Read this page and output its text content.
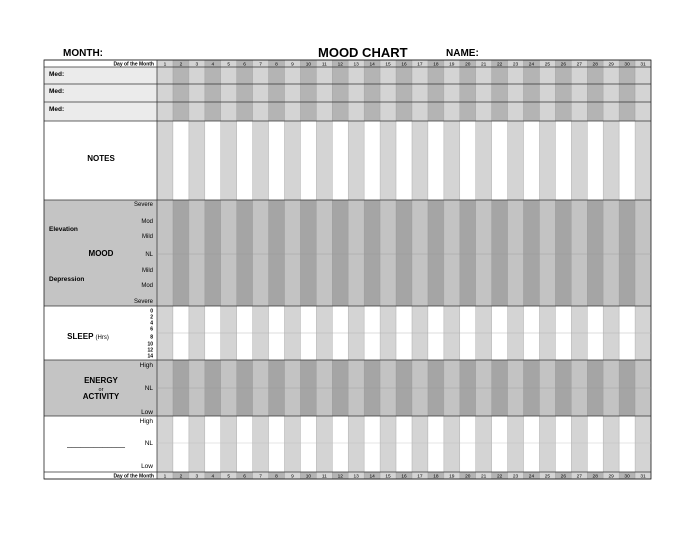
MONTH:	MOOD CHART	NAME:
Day of the Month 1	2	3	4	5	6	7	8	9 10 11 12 13 14 15 16 17 18 19 20 21 22 23 24 25 26 27 28 29 30 31
Day of the Month 1	2	3	4	5	6	7	8	9 10 11 12 13 14 15 16 17 18 19 20 21 22 23 24 25 26 27 28 29 30 31
Med:
Med:
Med:
NOTES
Severe
Mod
Mild
NL
Mild
Mod
Severe
Elevation
MOOD
Depression
0
2
4
6
8
10
12
14
SLEEP (Hrs)
High
NL
Low
ENERGY
or
ACTIVITY
High
NL
Low
_____________
